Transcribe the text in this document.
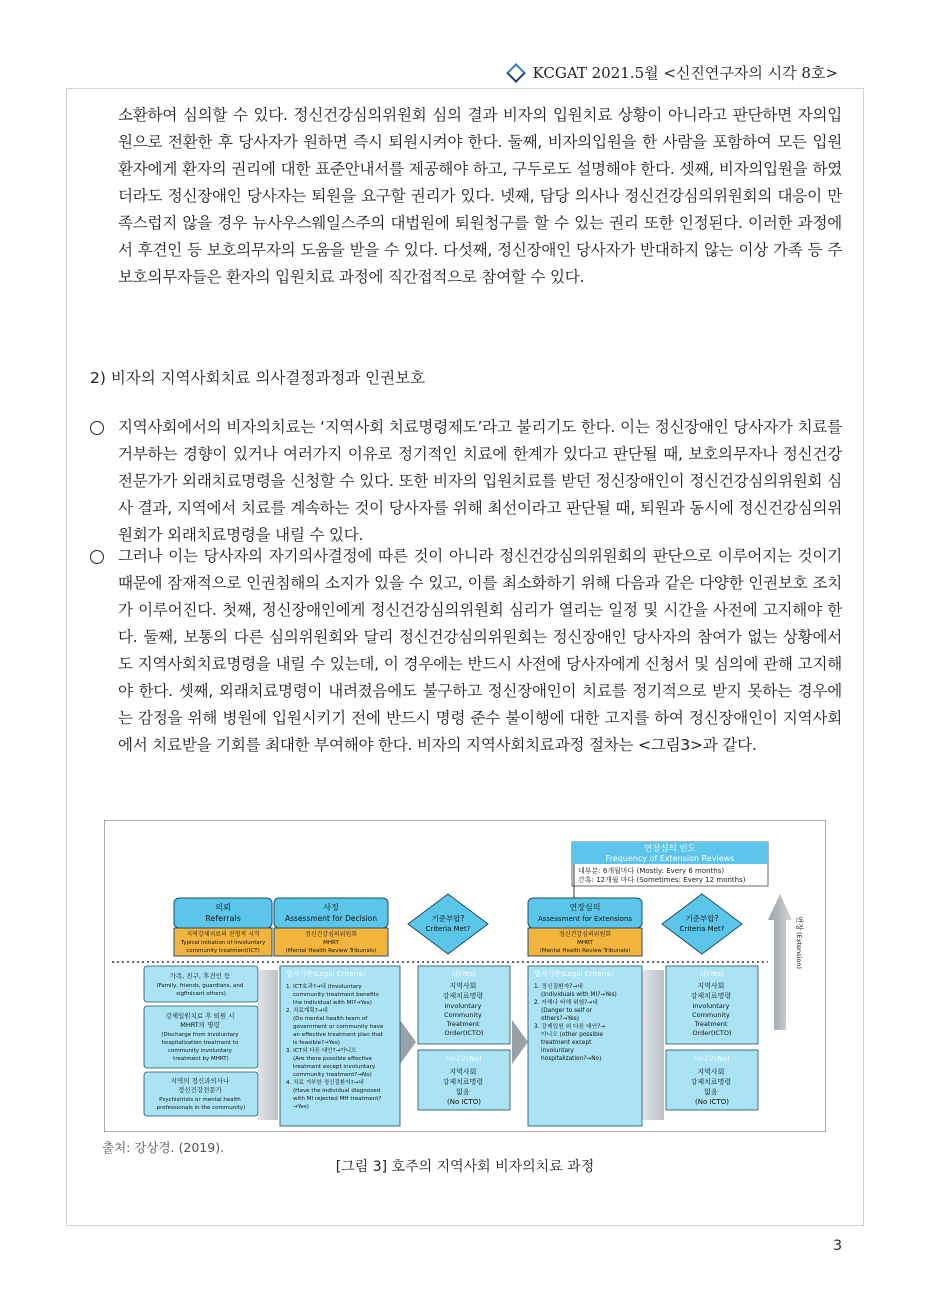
KCGAT 2021.5월 <신진연구자의 시각 8호>
소환하여 심의할 수 있다. 정신건강심의위원회 심의 결과 비자의 입원치료 상황이 아니라고 판단하면 자의입원으로 전환한 후 당사자가 원하면 즉시 퇴원시켜야 한다. 둘째, 비자의입원을 한 사람을 포함하여 모든 입원환자에게 환자의 권리에 대한 표준안내서를 제공해야 하고, 구두로도 설명해야 한다. 셋째, 비자의입원을 하였더라도 정신장애인 당사자는 퇴원을 요구할 권리가 있다. 넷째, 담당 의사나 정신건강심의위원회의 대응이 만족스럽지 않을 경우 뉴사우스웨일스주의 대법원에 퇴원청구를 할 수 있는 권리 또한 인정된다. 이러한 과정에서 후견인 등 보호의무자의 도움을 받을 수 있다. 다섯째, 정신장애인 당사자가 반대하지 않는 이상 가족 등 주 보호의무자들은 환자의 입원치료 과정에 직간접적으로 참여할 수 있다.
2) 비자의 지역사회치료 의사결정과정과 인권보호
지역사회에서의 비자의치료는 ‘지역사회 치료명령제도’라고 불리기도 한다. 이는 정신장애인 당사자가 치료를 거부하는 경향이 있거나 여러가지 이유로 정기적인 치료에 한계가 있다고 판단될 때, 보호의무자나 정신건강전문가가 외래치료명령을 신청할 수 있다. 또한 비자의 입원치료를 받던 정신장애인이 정신건강심의위원회 심사 결과, 지역에서 치료를 계속하는 것이 당사자를 위해 최선이라고 판단될 때, 퇴원과 동시에 정신건강심의위원회가 외래치료명령을 내릴 수 있다.
그러나 이는 당사자의 자기의사결정에 따른 것이 아니라 정신건강심의위원회의 판단으로 이루어지는 것이기 때문에 잠재적으로 인권침해의 소지가 있을 수 있고, 이를 최소화하기 위해 다음과 같은 다양한 인권보호 조치가 이루어진다. 첫째, 정신장애인에게 정신건강심의위원회 심리가 열리는 일정 및 시간을 사전에 고지해야 한다. 둘째, 보통의 다른 심의위원회와 달리 정신건강심의위원회는 정신장애인 당사자의 참여가 없는 상황에서도 지역사회치료명령을 내릴 수 있는데, 이 경우에는 반드시 사전에 당사자에게 신청서 및 심의에 관해 고지해야 한다. 셋째, 외래치료명령이 내려졌음에도 불구하고 정신장애인이 치료를 정기적으로 받지 못하는 경우에는 감정을 위해 병원에 입원시키기 전에 반드시 명령 준수 불이행에 대한 고지를 하여 정신장애인이 지역사회에서 치료받을 기회를 최대한 부여해야 한다. 비자의 지역사회치료과정 절차는 <그림3>과 같다.
연장심의 빈도
Frequency of Extension Reviews
대부분: 6개월마다 (Mostly: Every 6 months)
간혹: 12개월 마다 (Sometimes: Every 12 months)
의뢰
Referrals
지역강제치료의 전형적 시작
Typical initiation of involuntary
community treatment(ICT)
사정
Assessment for Decision
정신건강심의위원회
MHRT
(Mental Health Review Tribunals)
기준부합?
Criteria Met?
연장심의
Assessment for Extensions
정신건강심의위원회
MHRT
(Mental Health Review Tribunals)
기준부합?
Criteria Met?	연장
(Extension)
가족, 친구, 후견인 등 (Family, friends, guardians, and sigfinicant others)
강제입원치료 후 퇴원 시 MHRT의 명령 (Discharge from involuntary hospitalization treatment to community involuntary treatment by MHRT)
지역의 정신과의사나 정신건강전문가 Psychistrists or mental health professionals in the community)
법적기준(Legal Criteria)
1. ICT효과?→네 (Involuntary community treatment benefits the individual with MI?→Yes) 2. 치료계획?→네 (Do mental health team of government or community have an effective treatment plan that is feasible?→Yes) 3. ICT외 다른 대안?→아니오 (Are there possible effective treatment except involuntary community treatment?→No) 4. 치료 거부한 정신질환자?→네 (Have the individual diagnosed with MI rejected MH treatment? →Yes)
네(Yes)
지역사회 강제치료명령 Involuntary Community Treatment Order(ICTO)
아니오(No)
지역사회 강제치료명령 없음 (No ICTO)
법적기준(Legal Criteria)
1. 정신질환자?→네 (Individuals with MI?→Yes) 2. 자해나 타해 위험?→네 (Danger to self or others?→Yes) 3. 강제입원 외 다른 대안?→ 아니오 (other possible treatment except involuntary hospitalization?→No)
네(Yes)
지역사회 강제치료명령 Involuntary Community Treatment Order(ICTO)
아니오(No)
지역사회 강제치료명령 없음 (No ICTO)
출처: 강상경. (2019).
[그림 3] 호주의 지역사회 비자의치료 과정
3
